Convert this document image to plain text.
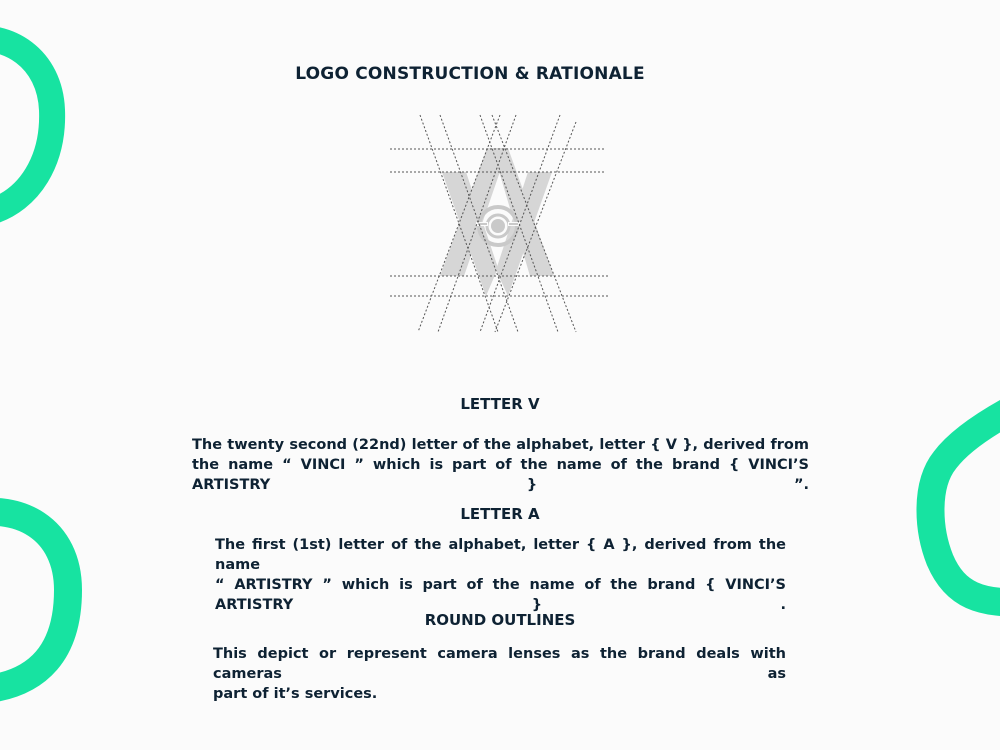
LOGO CONSTRUCTION & RATIONALE
LETTER V
The twenty second (22nd) letter of the alphabet, letter { V }, derived from
the name “ VINCI ” which is part of the name of the brand { VINCI’S ARTISTRY } ”.
LETTER A
The first (1st) letter of the alphabet, letter { A }, derived from the name
“ ARTISTRY ” which is part of the name of the brand { VINCI’S ARTISTRY } .
ROUND OUTLINES
This depict or represent camera lenses as the brand deals with cameras as
part of it’s services.
